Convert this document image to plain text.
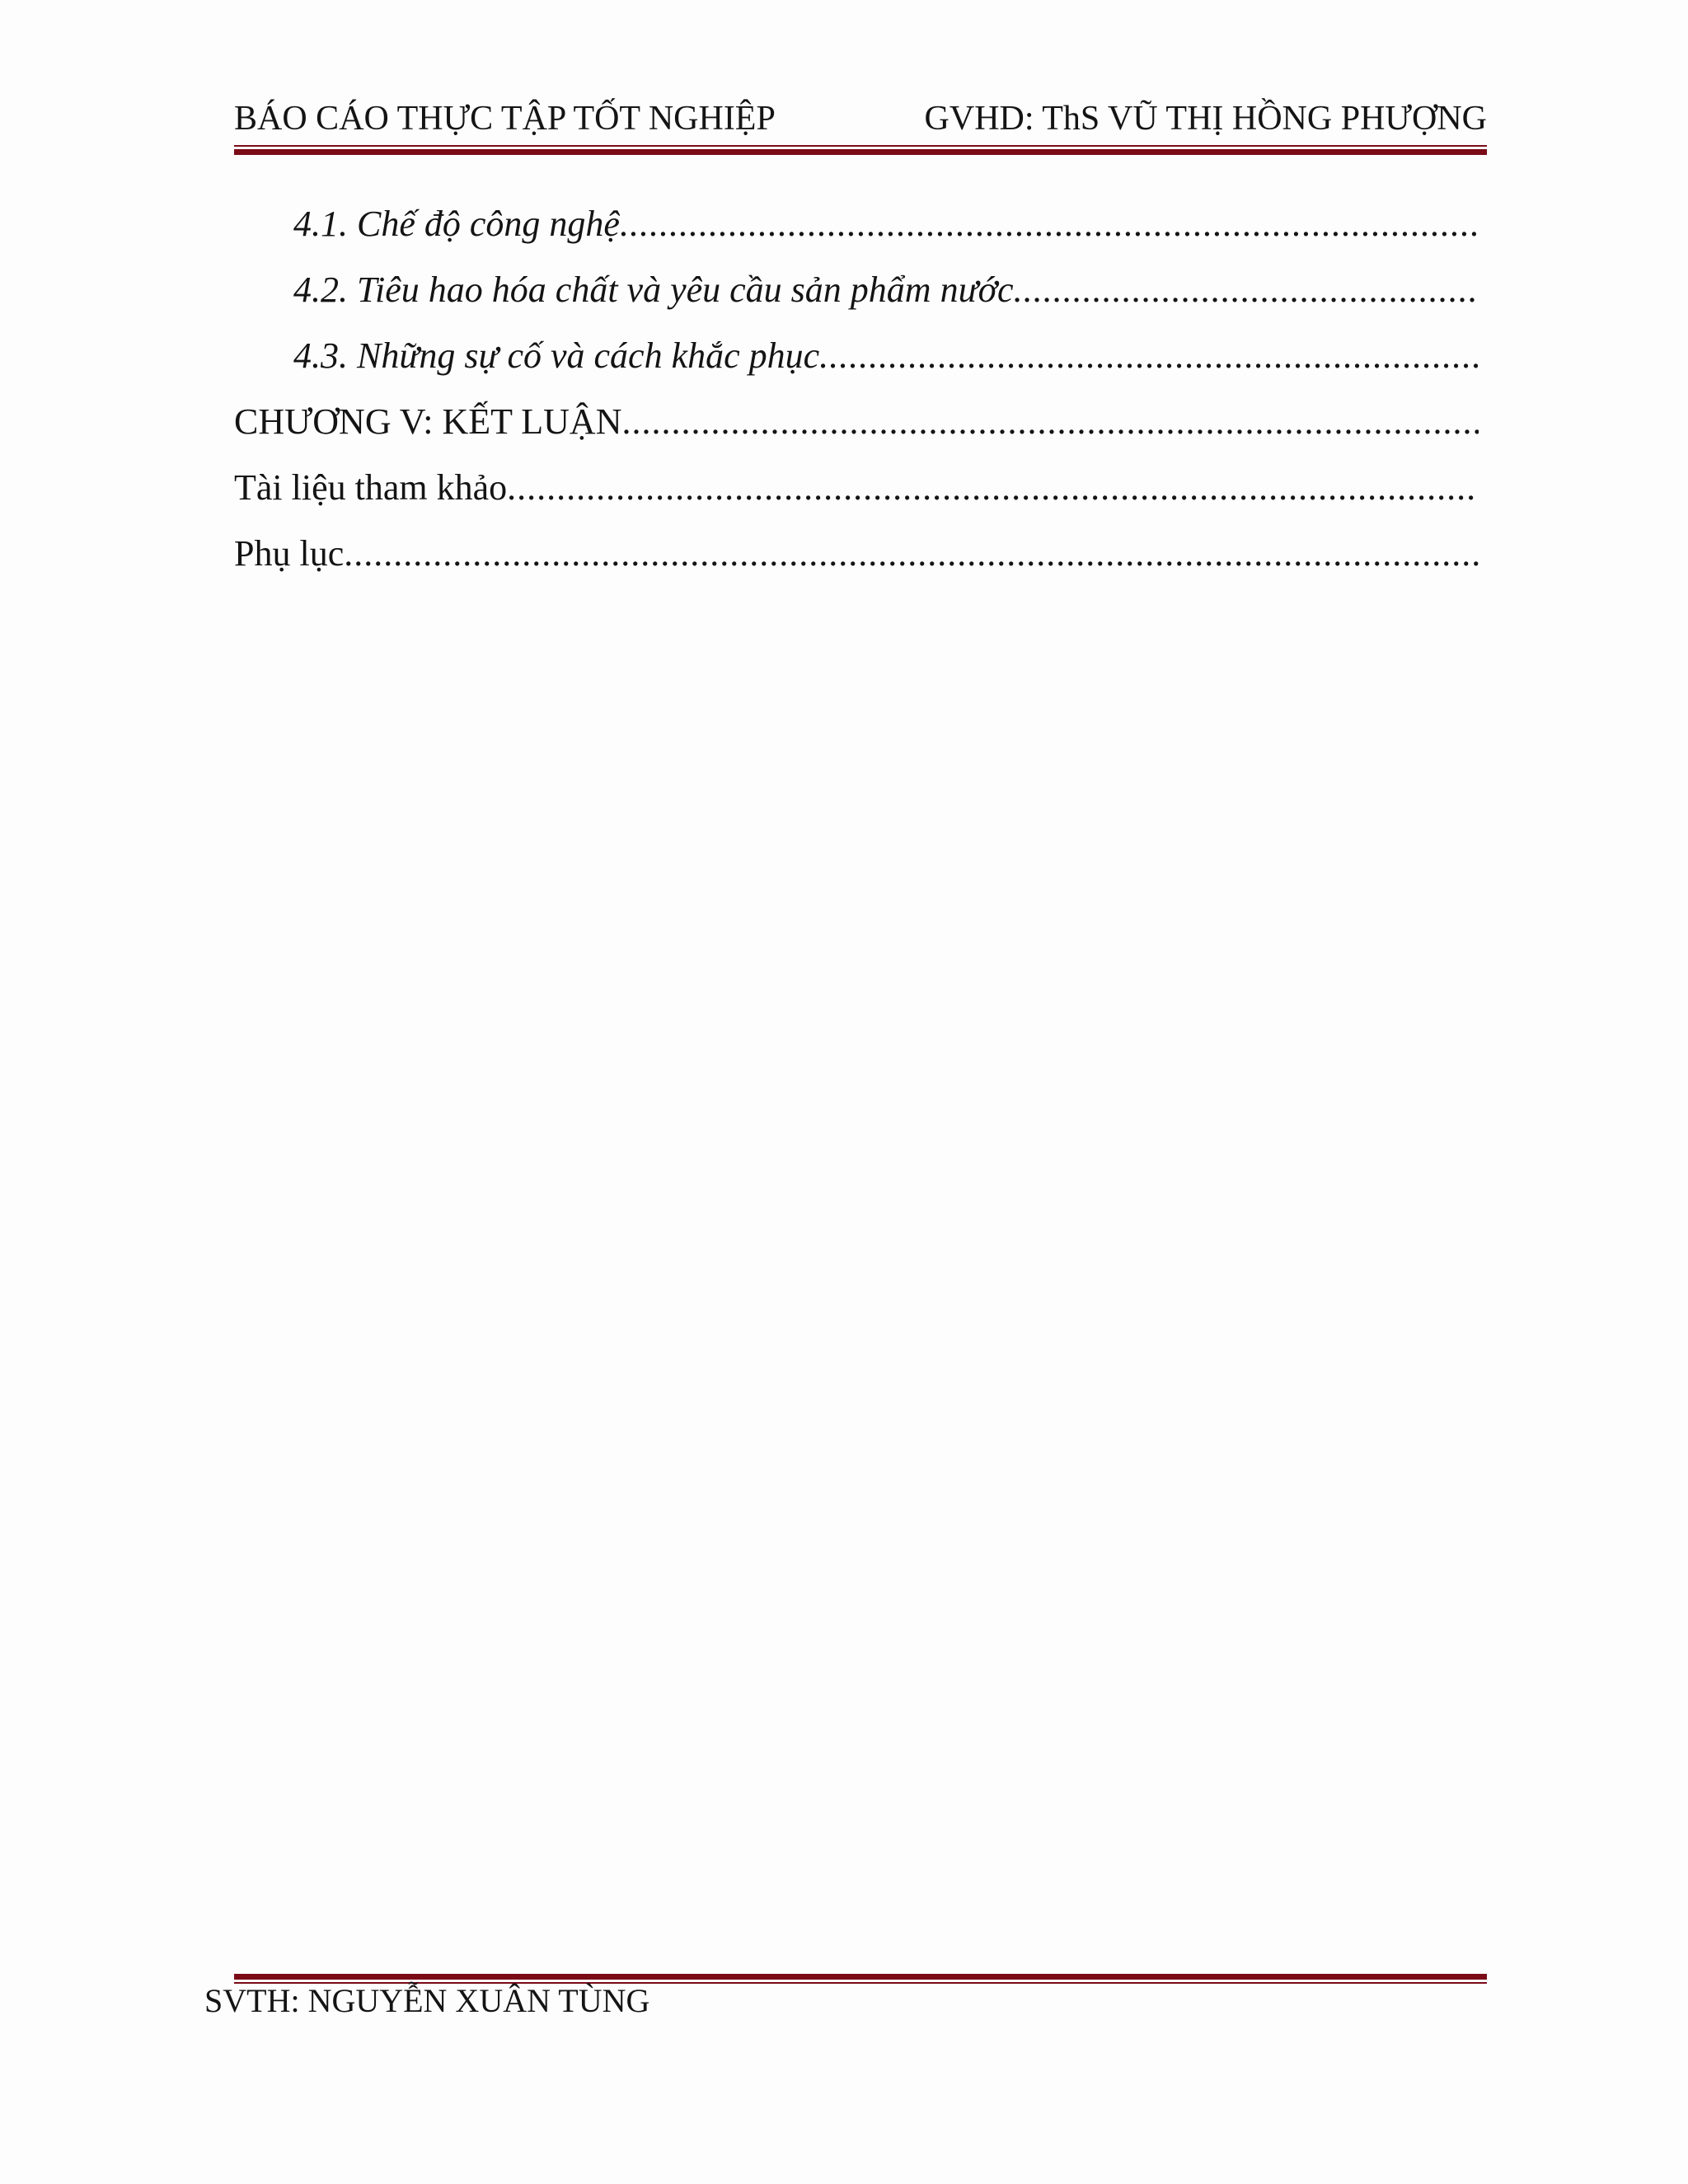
BÁO CÁO THỰC TẬP TỐT NGHIỆP	GVHD: ThS VŨ THỊ HỒNG PHƯỢNG
4.1. Chế độ công nghệ
.....
4.2. Tiêu hao hóa chất và yêu cầu sản phẩm nước
.....
4.3. Những sự cố và cách khắc phục
.....
CHƯƠNG V: KẾT LUẬN
.....
Tài liệu tham khảo
.....
Phụ lục
.....
SVTH: NGUYỄN XUÂN TÙNG
